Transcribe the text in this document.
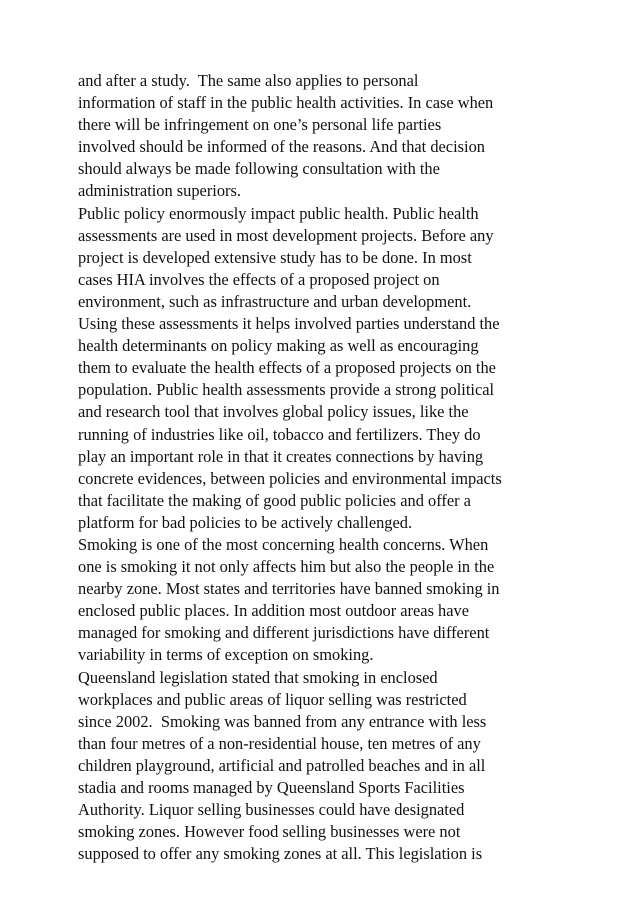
and after a study.  The same also applies to personal
information of staff in the public health activities. In case when
there will be infringement on one’s personal life parties
involved should be informed of the reasons. And that decision
should always be made following consultation with the
administration superiors.
Public policy enormously impact public health. Public health
assessments are used in most development projects. Before any
project is developed extensive study has to be done. In most
cases HIA involves the effects of a proposed project on
environment, such as infrastructure and urban development.
Using these assessments it helps involved parties understand the
health determinants on policy making as well as encouraging
them to evaluate the health effects of a proposed projects on the
population. Public health assessments provide a strong political
and research tool that involves global policy issues, like the
running of industries like oil, tobacco and fertilizers. They do
play an important role in that it creates connections by having
concrete evidences, between policies and environmental impacts
that facilitate the making of good public policies and offer a
platform for bad policies to be actively challenged.
Smoking is one of the most concerning health concerns. When
one is smoking it not only affects him but also the people in the
nearby zone. Most states and territories have banned smoking in
enclosed public places. In addition most outdoor areas have
managed for smoking and different jurisdictions have different
variability in terms of exception on smoking.
Queensland legislation stated that smoking in enclosed
workplaces and public areas of liquor selling was restricted
since 2002.  Smoking was banned from any entrance with less
than four metres of a non-residential house, ten metres of any
children playground, artificial and patrolled beaches and in all
stadia and rooms managed by Queensland Sports Facilities
Authority. Liquor selling businesses could have designated
smoking zones. However food selling businesses were not
supposed to offer any smoking zones at all. This legislation is
